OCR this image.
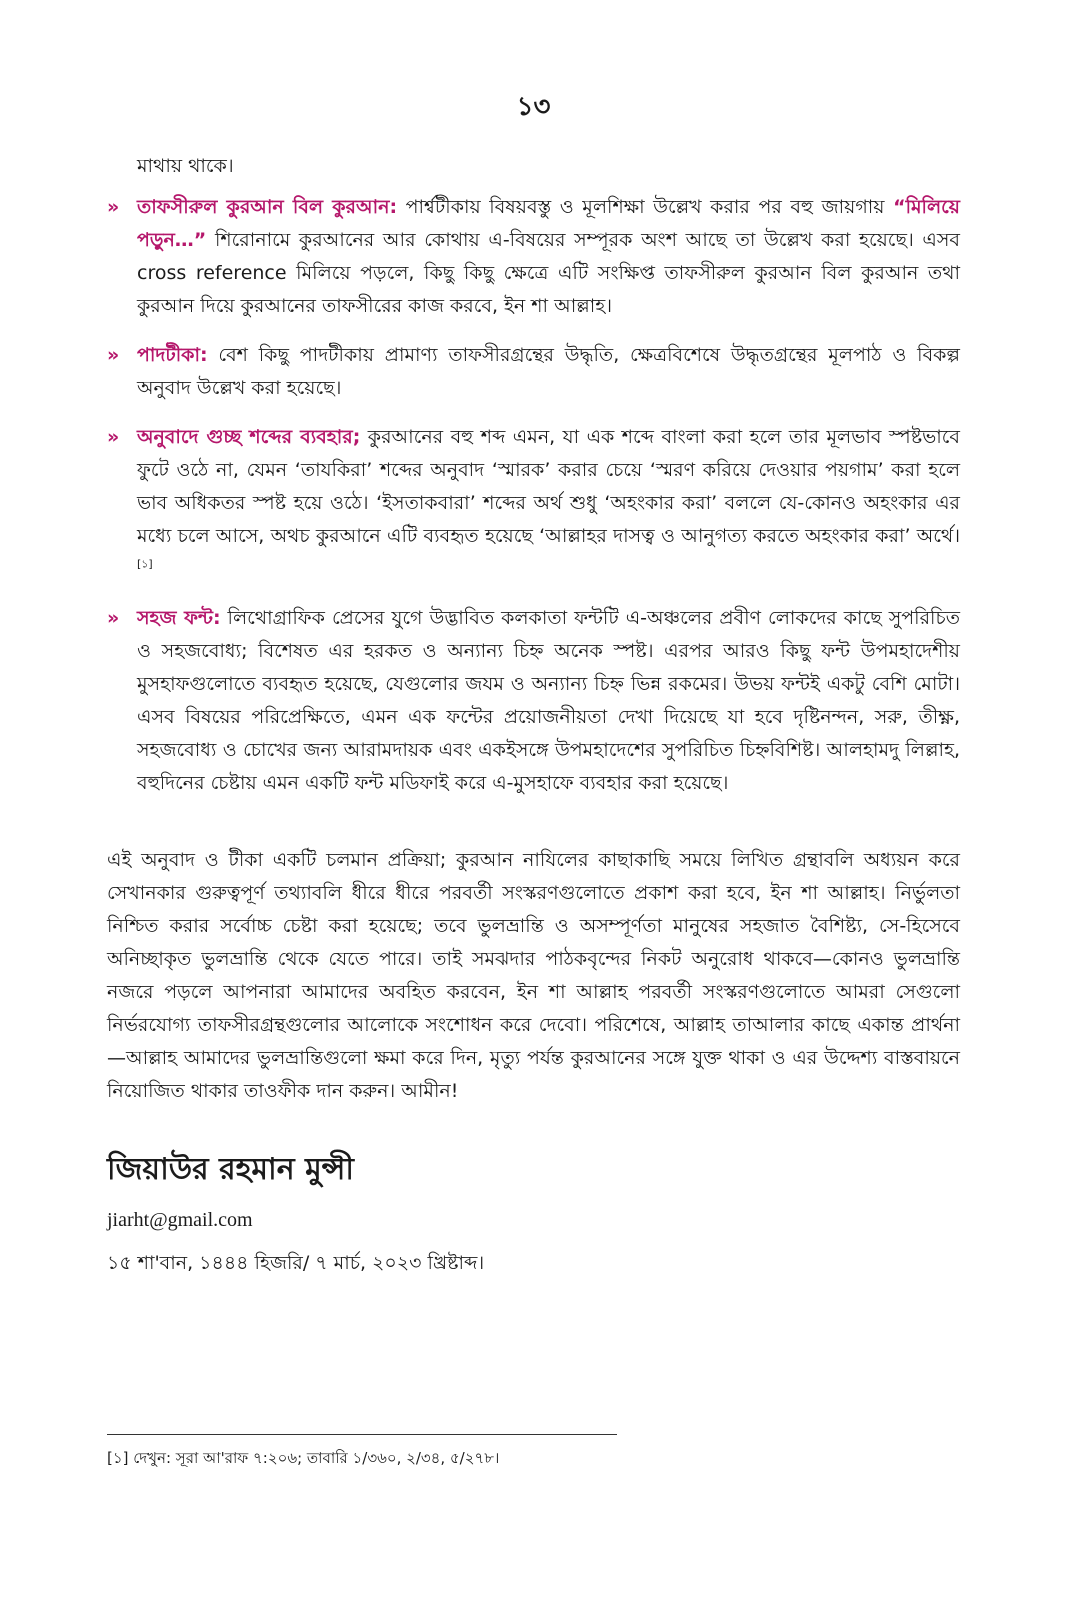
১৩
মাথায় থাকে।
» তাফসীরুল কুরআন বিল কুরআন: পার্শ্বটীকায় বিষয়বস্তু ও মূলশিক্ষা উল্লেখ করার পর বহু জায়গায় “মিলিয়ে পড়ুন…” শিরোনামে কুরআনের আর কোথায় এ-বিষয়ের সম্পূরক অংশ আছে তা উল্লেখ করা হয়েছে। এসব cross reference মিলিয়ে পড়লে, কিছু কিছু ক্ষেত্রে এটি সংক্ষিপ্ত তাফসীরুল কুরআন বিল কুরআন তথা কুরআন দিয়ে কুরআনের তাফসীরের কাজ করবে, ইন শা আল্লাহ।
» পাদটীকা: বেশ কিছু পাদটীকায় প্রামাণ্য তাফসীরগ্রন্থের উদ্ধৃতি, ক্ষেত্রবিশেষে উদ্ধৃতগ্রন্থের মূলপাঠ ও বিকল্প অনুবাদ উল্লেখ করা হয়েছে।
» অনুবাদে গুচ্ছ শব্দের ব্যবহার; কুরআনের বহু শব্দ এমন, যা এক শব্দে বাংলা করা হলে তার মূলভাব স্পষ্টভাবে ফুটে ওঠে না, যেমন ‘তাযকিরা’ শব্দের অনুবাদ ‘স্মারক’ করার চেয়ে ‘স্মরণ করিয়ে দেওয়ার পয়গাম’ করা হলে ভাব অধিকতর স্পষ্ট হয়ে ওঠে। ‘ইসতাকবারা’ শব্দের অর্থ শুধু ‘অহংকার করা’ বললে যে-কোনও অহংকার এর মধ্যে চলে আসে, অথচ কুরআনে এটি ব্যবহৃত হয়েছে ‘আল্লাহর দাসত্ব ও আনুগত্য করতে অহংকার করা’ অর্থে।[১]
» সহজ ফন্ট: লিথোগ্রাফিক প্রেসের যুগে উদ্ভাবিত কলকাতা ফন্টটি এ-অঞ্চলের প্রবীণ লোকদের কাছে সুপরিচিত ও সহজবোধ্য; বিশেষত এর হরকত ও অন্যান্য চিহ্ন অনেক স্পষ্ট। এরপর আরও কিছু ফন্ট উপমহাদেশীয় মুসহাফগুলোতে ব্যবহৃত হয়েছে, যেগুলোর জযম ও অন্যান্য চিহ্ন ভিন্ন রকমের। উভয় ফন্টই একটু বেশি মোটা। এসব বিষয়ের পরিপ্রেক্ষিতে, এমন এক ফন্টের প্রয়োজনীয়তা দেখা দিয়েছে যা হবে দৃষ্টিনন্দন, সরু, তীক্ষ্ণ, সহজবোধ্য ও চোখের জন্য আরামদায়ক এবং একইসঙ্গে উপমহাদেশের সুপরিচিত চিহ্নবিশিষ্ট। আলহামদু লিল্লাহ, বহুদিনের চেষ্টায় এমন একটি ফন্ট মডিফাই করে এ-মুসহাফে ব্যবহার করা হয়েছে।
এই অনুবাদ ও টীকা একটি চলমান প্রক্রিয়া; কুরআন নাযিলের কাছাকাছি সময়ে লিখিত গ্রন্থাবলি অধ্যয়ন করে সেখানকার গুরুত্বপূর্ণ তথ্যাবলি ধীরে ধীরে পরবর্তী সংস্করণগুলোতে প্রকাশ করা হবে, ইন শা আল্লাহ। নির্ভুলতা নিশ্চিত করার সর্বোচ্চ চেষ্টা করা হয়েছে; তবে ভুলভ্রান্তি ও অসম্পূর্ণতা মানুষের সহজাত বৈশিষ্ট্য, সে-হিসেবে অনিচ্ছাকৃত ভুলভ্রান্তি থেকে যেতে পারে। তাই সমঝদার পাঠকবৃন্দের নিকট অনুরোধ থাকবে—কোনও ভুলভ্রান্তি নজরে পড়লে আপনারা আমাদের অবহিত করবেন, ইন শা আল্লাহ পরবর্তী সংস্করণগুলোতে আমরা সেগুলো নির্ভরযোগ্য তাফসীরগ্রন্থগুলোর আলোকে সংশোধন করে দেবো। পরিশেষে, আল্লাহ তাআলার কাছে একান্ত প্রার্থনা—আল্লাহ আমাদের ভুলভ্রান্তিগুলো ক্ষমা করে দিন, মৃত্যু পর্যন্ত কুরআনের সঙ্গে যুক্ত থাকা ও এর উদ্দেশ্য বাস্তবায়নে নিয়োজিত থাকার তাওফীক দান করুন। আমীন!
জিয়াউর রহমান মুন্সী
jiarht@gmail.com
১৫ শা'বান, ১৪৪৪ হিজরি/ ৭ মার্চ, ২০২৩ খ্রিষ্টাব্দ।
[১] দেখুন: সূরা আ'রাফ ৭:২০৬; তাবারি ১/৩৬০, ২/৩৪, ৫/২৭৮।
